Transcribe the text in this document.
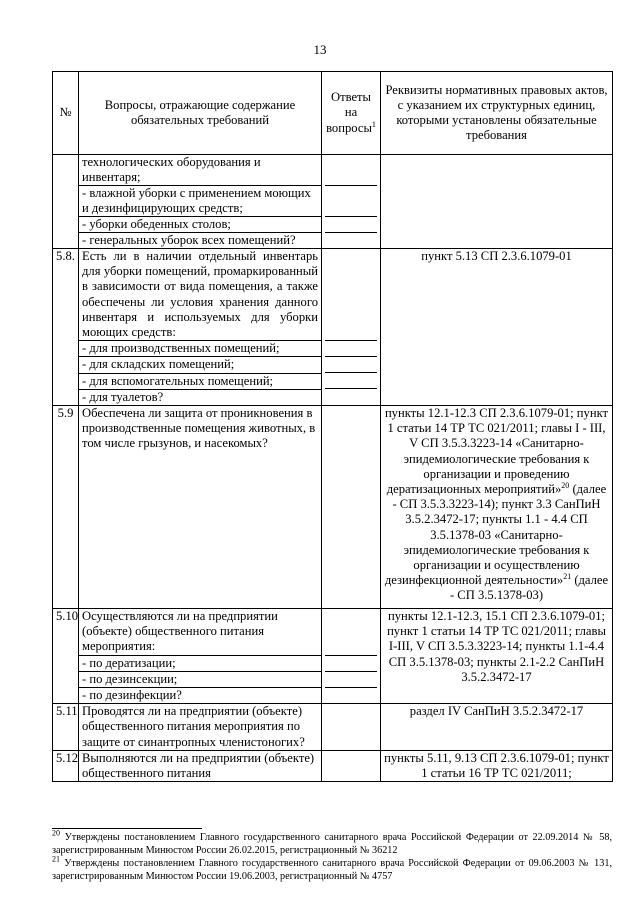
13
№	Вопросы, отражающие содержание обязательных требований	Ответы на вопросы$^1$	Реквизиты нормативных правовых актов, с указанием их структурных единиц, которыми установлены обязательные требования

	технологических оборудования и инвентаря;
- влажной уборки с применением моющих и дезинфицирующих средств;
- уборки обеденных столов;
- генеральных уборок всех помещений?		

5.8.	Есть ли в наличии отдельный инвентарь для уборки помещений, промаркированный в зависимости от вида помещения, а также обеспечены ли условия хранения данного инвентаря и используемых для уборки моющих средств:
- для производственных помещений;
- для складских помещений;
- для вспомогательных помещений;
- для туалетов?		пункт 5.13 СП 2.3.6.1079-01
5.9	Обеспечена ли защита от проникновения в производственные помещения животных, в том числе грызунов, и насекомых?		пункты 12.1-12.3 СП 2.3.6.1079-01; пункт 1 статьи 14 ТР ТС 021/2011; главы I - III, V СП 3.5.3.3223-14 «Санитарно-эпидемиологические требования к организации и проведению дератизационных мероприятий»$^{20}$ (далее - СП 3.5.3.3223-14); пункт 3.3 СанПиН 3.5.2.3472-17; пункты 1.1 - 4.4 СП 3.5.1378-03 «Санитарно-эпидемиологические требования к организации и осуществлению дезинфекционной деятельности»$^{21}$ (далее - СП 3.5.1378-03)
5.10	Осуществляются ли на предприятии (объекте) общественного питания мероприятия:
- по дератизации;
- по дезинсекции;
- по дезинфекции?		пункты 12.1-12.3, 15.1 СП 2.3.6.1079-01; пункт 1 статьи 14 ТР ТС 021/2011; главы I-III, V СП 3.5.3.3223-14; пункты 1.1-4.4 СП 3.5.1378-03; пункты 2.1-2.2 СанПиН 3.5.2.3472-17
5.11	Проводятся ли на предприятии (объекте) общественного питания мероприятия по защите от синантропных членистоногих?		раздел IV СанПиН 3.5.2.3472-17
5.12	Выполняются ли на предприятии (объекте) общественного питания		пункты 5.11, 9.13 СП 2.3.6.1079-01; пункт 1 статьи 16 ТР ТС 021/2011;

$^{20}$ Утверждены постановлением Главного государственного санитарного врача Российской Федерации от 22.09.2014 № 58, зарегистрированным Минюстом России 26.02.2015, регистрационный № 36212

$^{21}$ Утверждены постановлением Главного государственного санитарного врача Российской Федерации от 09.06.2003 № 131, зарегистрированным Минюстом России 19.06.2003, регистрационный № 4757
